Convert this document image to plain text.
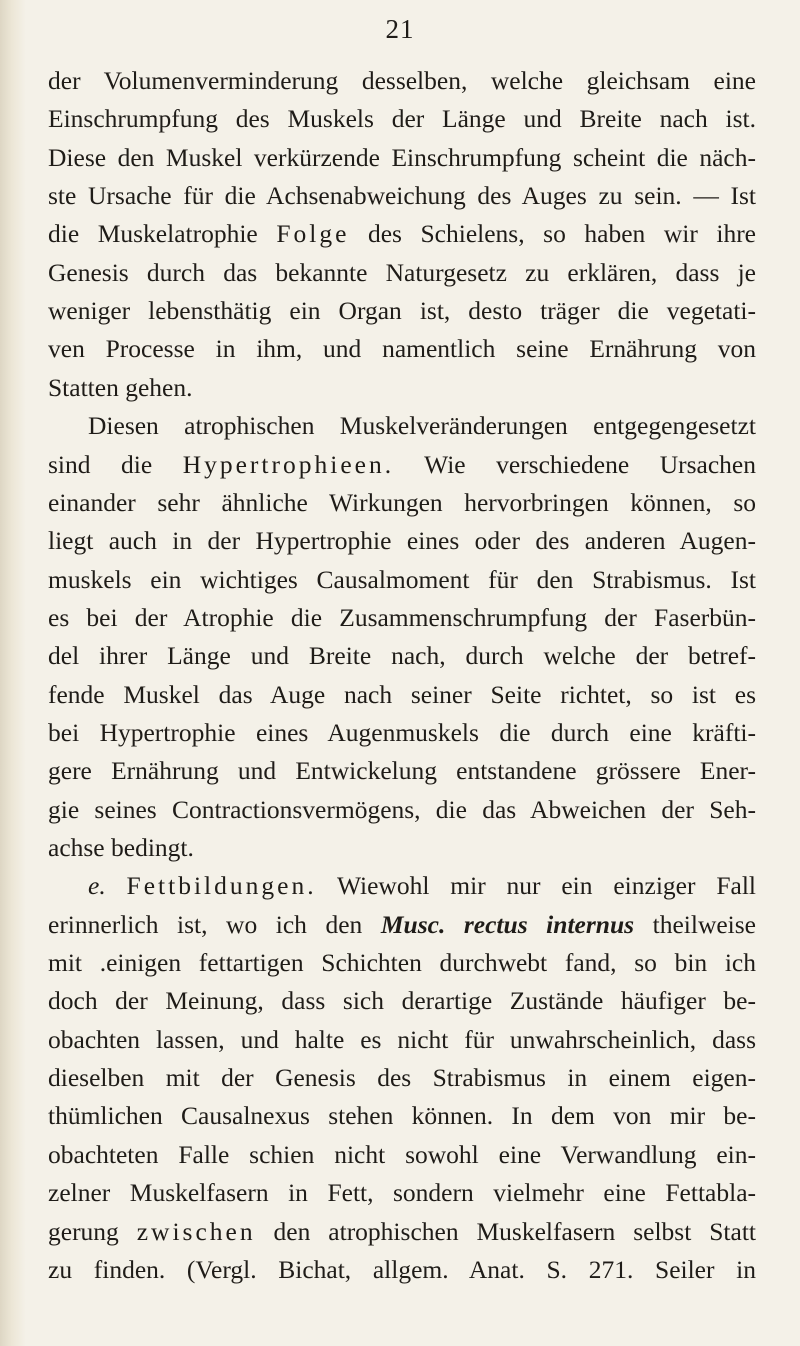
21
der Volumenverminderung desselben, welche gleichsam eine
Einschrumpfung des Muskels der Länge und Breite nach ist.
Diese den Muskel verkürzende Einschrumpfung scheint die näch-
ste Ursache für die Achsenabweichung des Auges zu sein. — Ist
die Muskelatrophie Folge des Schielens, so haben wir ihre
Genesis durch das bekannte Naturgesetz zu erklären, dass je
weniger lebensthätig ein Organ ist, desto träger die vegetati-
ven Processe in ihm, und namentlich seine Ernährung von
Statten gehen.
Diesen atrophischen Muskelveränderungen entgegengesetzt
sind die Hypertrophieen. Wie verschiedene Ursachen
einander sehr ähnliche Wirkungen hervorbringen können, so
liegt auch in der Hypertrophie eines oder des anderen Augen-
muskels ein wichtiges Causalmoment für den Strabismus. Ist
es bei der Atrophie die Zusammenschrumpfung der Faserbün-
del ihrer Länge und Breite nach, durch welche der betref-
fende Muskel das Auge nach seiner Seite richtet, so ist es
bei Hypertrophie eines Augenmuskels die durch eine kräfti-
gere Ernährung und Entwickelung entstandene grössere Ener-
gie seines Contractionsvermögens, die das Abweichen der Seh-
achse bedingt.
e. Fettbildungen. Wiewohl mir nur ein einziger Fall
erinnerlich ist, wo ich den Musc. rectus internus theilweise
mit .einigen fettartigen Schichten durchwebt fand, so bin ich
doch der Meinung, dass sich derartige Zustände häufiger be-
obachten lassen, und halte es nicht für unwahrscheinlich, dass
dieselben mit der Genesis des Strabismus in einem eigen-
thümlichen Causalnexus stehen können. In dem von mir be-
obachteten Falle schien nicht sowohl eine Verwandlung ein-
zelner Muskelfasern in Fett, sondern vielmehr eine Fettabla-
gerung zwischen den atrophischen Muskelfasern selbst Statt
zu finden. (Vergl. Bichat, allgem. Anat. S. 271. Seiler in
